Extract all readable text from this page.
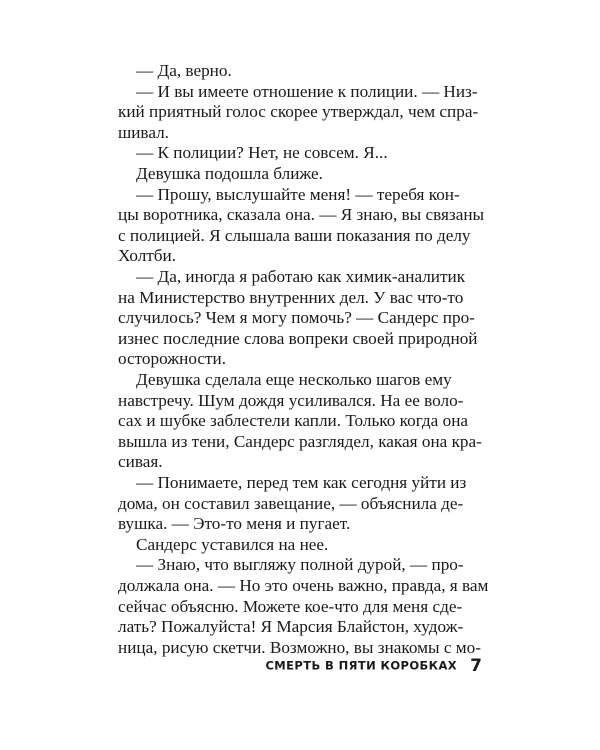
— Да, верно.
— И вы имеете отношение к полиции. — Низ-
кий приятный голос скорее утверждал, чем спра-
шивал.
— К полиции? Нет, не совсем. Я...
Девушка подошла ближе.
— Прошу, выслушайте меня! — теребя кон-
цы воротника, сказала она. — Я знаю, вы связаны
с полицией. Я слышала ваши показания по делу
Холтби.
— Да, иногда я работаю как химик-аналитик
на Министерство внутренних дел. У вас что-то
случилось? Чем я могу помочь? — Сандерс про-
изнес последние слова вопреки своей природной
осторожности.
Девушка сделала еще несколько шагов ему
навстречу. Шум дождя усиливался. На ее воло-
сах и шубке заблестели капли. Только когда она
вышла из тени, Сандерс разглядел, какая она кра-
сивая.
— Понимаете, перед тем как сегодня уйти из
дома, он составил завещание, — объяснила де-
вушка. — Это-то меня и пугает.
Сандерс уставился на нее.
— Знаю, что выгляжу полной дурой, — про-
должала она. — Но это очень важно, правда, я вам
сейчас объясню. Можете кое-что для меня сде-
лать? Пожалуйста! Я Марсия Блайстон, худож-
ница, рисую скетчи. Возможно, вы знакомы с мо-
СМЕРТЬ В ПЯТИ КОРОБКАХ 7
